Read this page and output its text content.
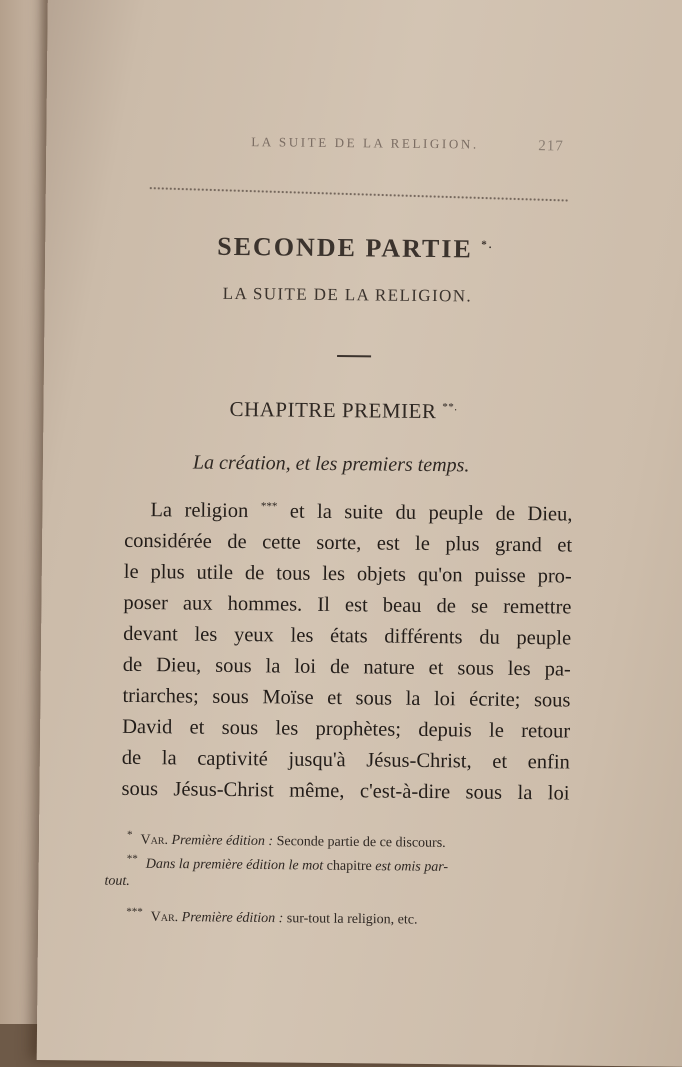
LA SUITE DE LA RELIGION.	217
SECONDE PARTIE *.
LA SUITE DE LA RELIGION.
CHAPITRE PREMIER **.
La création, et les premiers temps.
La religion *** et la suite du peuple de Dieu,
considérée de cette sorte, est le plus grand et
le plus utile de tous les objets qu'on puisse pro-
poser aux hommes. Il est beau de se remettre
devant les yeux les états différents du peuple
de Dieu, sous la loi de nature et sous les pa-
triarches; sous Moïse et sous la loi écrite; sous
David et sous les prophètes; depuis le retour
de la captivité jusqu'à Jésus-Christ, et enfin
sous Jésus-Christ même, c'est-à-dire sous la loi
* Var. Première édition : Seconde partie de ce discours.
** Dans la première édition le mot chapitre est omis par-
tout.
*** Var. Première édition : sur-tout la religion, etc.
